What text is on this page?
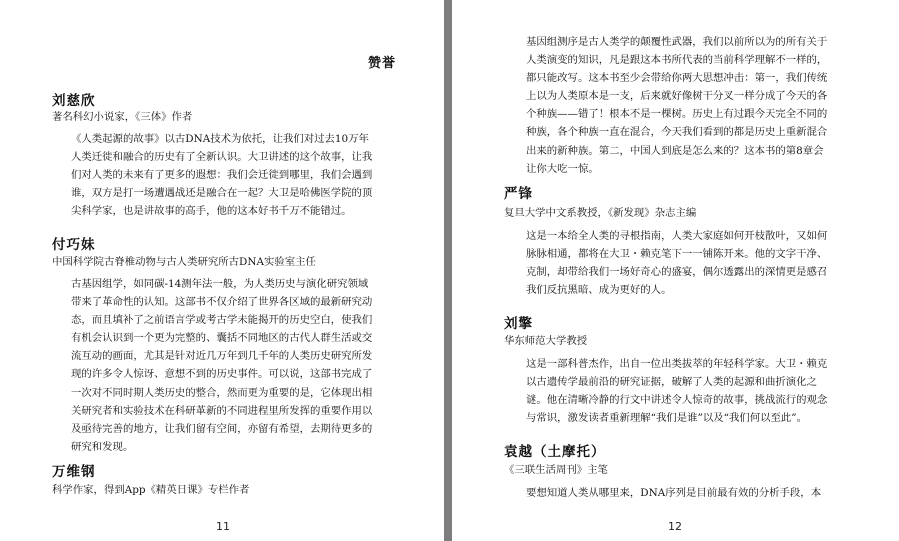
赞誉
刘慈欣
著名科幻小说家，《三体》作者
《人类起源的故事》以古DNA技术为依托，让我们对过去10万年
人类迁徙和融合的历史有了全新认识。大卫讲述的这个故事，让我
们对人类的未来有了更多的遐想：我们会迁徙到哪里，我们会遇到
谁，双方是打一场遭遇战还是融合在一起？大卫是哈佛医学院的顶
尖科学家，也是讲故事的高手，他的这本好书千万不能错过。
付巧妹
中国科学院古脊椎动物与古人类研究所古DNA实验室主任
古基因组学，如同碳-14测年法一般，为人类历史与演化研究领域
带来了革命性的认知。这部书不仅介绍了世界各区域的最新研究动
态，而且填补了之前语言学或考古学未能揭开的历史空白，使我们
有机会认识到一个更为完整的、囊括不同地区的古代人群生活或交
流互动的画面，尤其是针对近几万年到几千年的人类历史研究所发
现的许多令人惊讶、意想不到的历史事件。可以说，这部书完成了
一次对不同时期人类历史的整合，然而更为重要的是，它体现出相
关研究者和实验技术在科研革新的不同进程里所发挥的重要作用以
及亟待完善的地方，让我们留有空间，亦留有希望，去期待更多的
研究和发现。
万维钢
科学作家，得到App《精英日课》专栏作者
11
基因组测序是古人类学的颠覆性武器，我们以前所以为的所有关于
人类演变的知识，凡是跟这本书所代表的当前科学理解不一样的，
都只能改写。这本书至少会带给你两大思想冲击：第一，我们传统
上以为人类原本是一支，后来就好像树干分叉一样分成了今天的各
个种族——错了！根本不是一棵树。历史上有过跟今天完全不同的
种族，各个种族一直在混合，今天我们看到的都是历史上重新混合
出来的新种族。第二，中国人到底是怎么来的？这本书的第8章会
让你大吃一惊。
严锋
复旦大学中文系教授，《新发现》杂志主编
这是一本给全人类的寻根指南，人类大家庭如何开枝散叶，又如何
脉脉相通，都将在大卫・赖克笔下一一铺陈开来。他的文字干净、
克制，却带给我们一场好奇心的盛宴，偶尔透露出的深情更是感召
我们反抗黑暗、成为更好的人。
刘擎
华东师范大学教授
这是一部科普杰作，出自一位出类拔萃的年轻科学家。大卫・赖克
以古遗传学最前沿的研究证据，破解了人类的起源和曲折演化之
谜。他在清晰冷静的行文中讲述令人惊奇的故事，挑战流行的观念
与常识，激发读者重新理解“我们是谁”以及“我们何以至此”。
袁越（土摩托）
《三联生活周刊》主笔
要想知道人类从哪里来，DNA序列是目前最有效的分析手段，本
12
